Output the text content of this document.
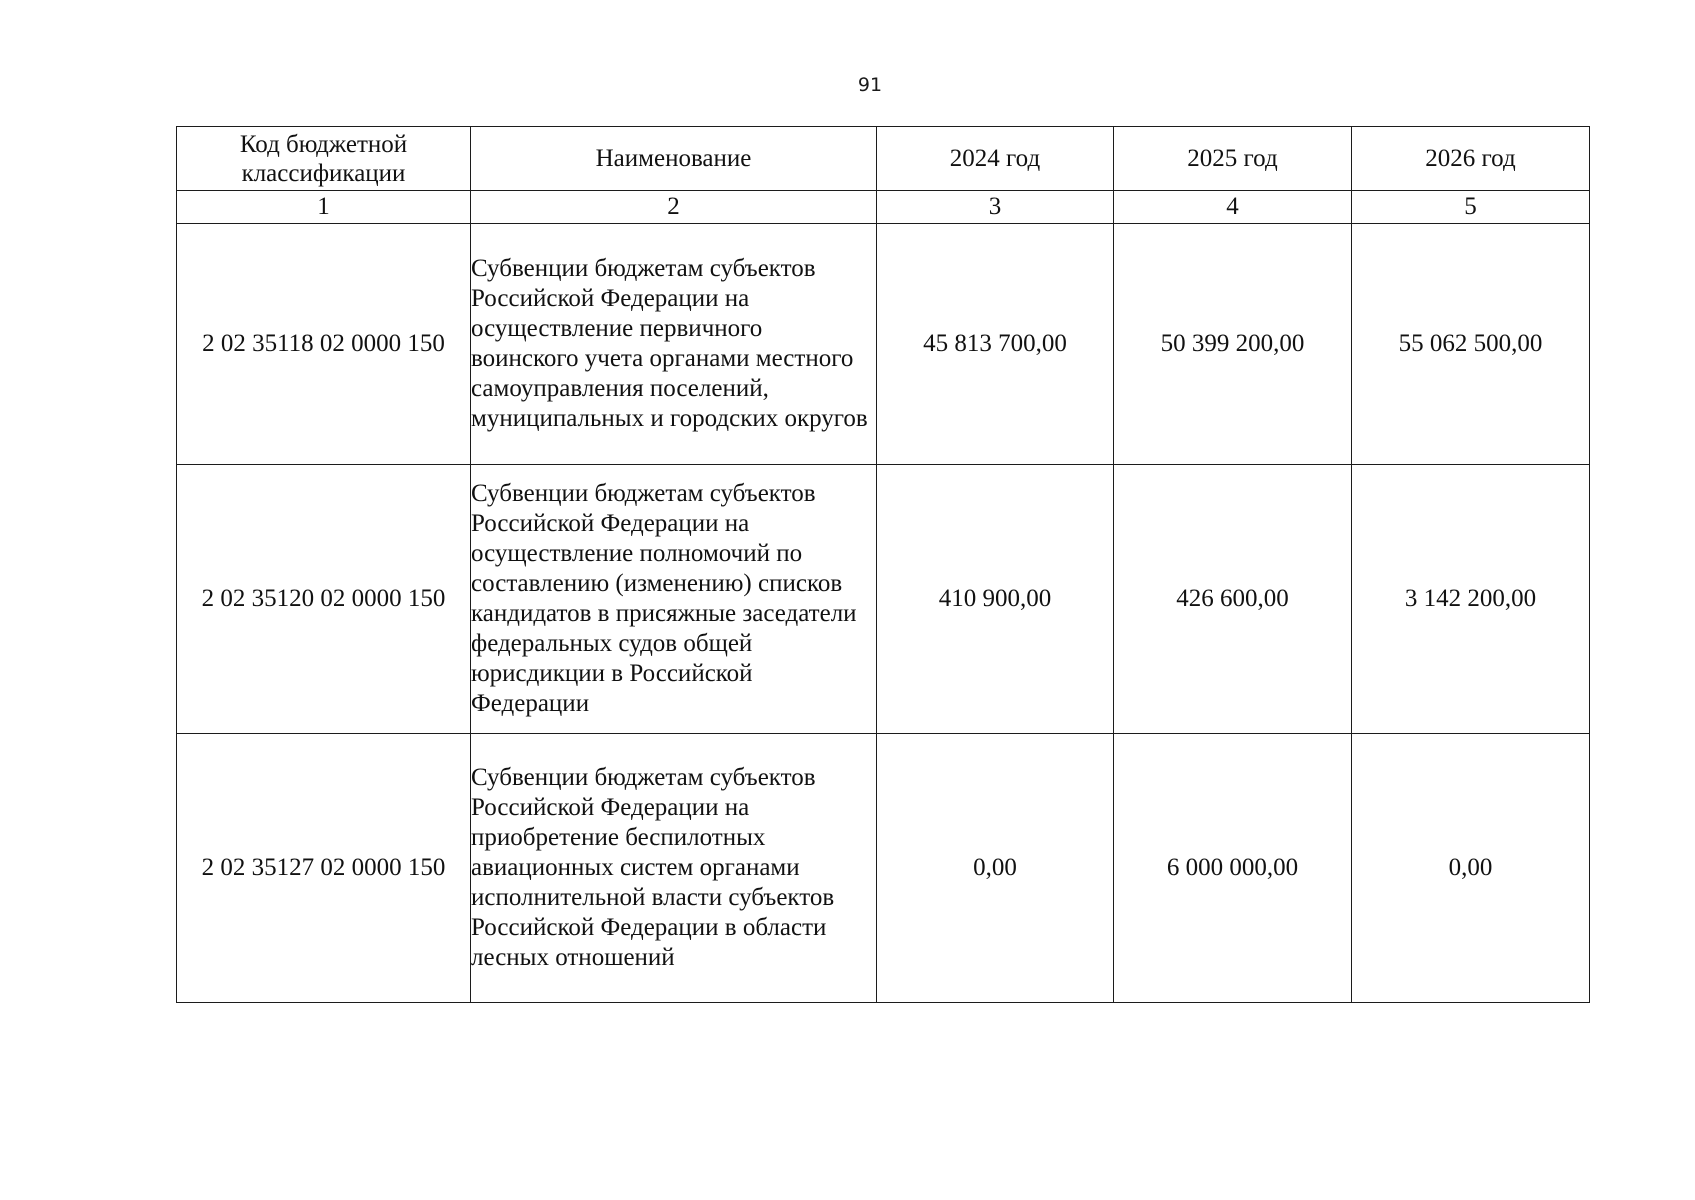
91
Код бюджетной классификации	Наименование	2024 год	2025 год	2026 год
1	2	3	4	5
2 02 35118 02 0000 150	Субвенции бюджетам субъектов Российской Федерации на осуществление первичного воинского учета органами местного самоуправления поселений, муниципальных и городских округов	45 813 700,00	50 399 200,00	55 062 500,00
2 02 35120 02 0000 150	Субвенции бюджетам субъектов Российской Федерации на осуществление полномочий по составлению (изменению) списков кандидатов в присяжные заседатели федеральных судов общей юрисдикции в Российской Федерации	410 900,00	426 600,00	3 142 200,00
2 02 35127 02 0000 150	Субвенции бюджетам субъектов Российской Федерации на приобретение беспилотных авиационных систем органами исполнительной власти субъектов Российской Федерации в области лесных отношений	0,00	6 000 000,00	0,00
